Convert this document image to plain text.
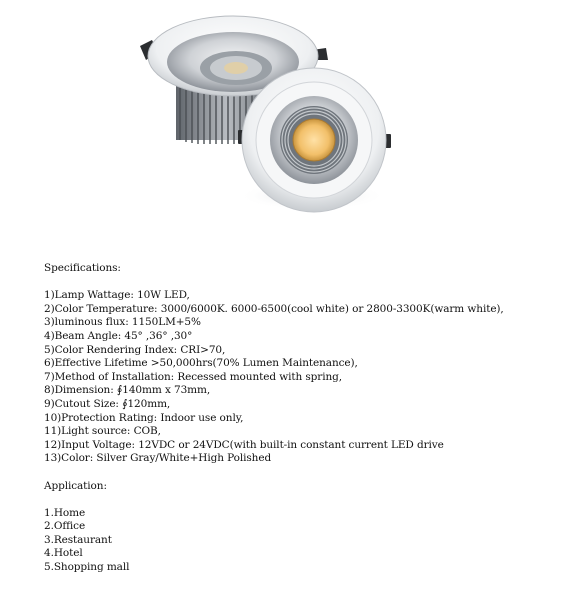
Specifications:
1)Lamp Wattage: 10W LED,
2)Color Temperature: 3000/6000K. 6000-6500(cool white) or 2800-3300K(warm white),
3)luminous flux: 1150LM+5%
4)Beam Angle: 45° ,36° ,30°
5)Color Rendering Index: CRI>70,
6)Effective Lifetime >50,000hrs(70% Lumen Maintenance),
7)Method of Installation: Recessed mounted with spring,
8)Dimension: ∮140mm x 73mm,
9)Cutout Size: ∮120mm,
10)Protection Rating: Indoor use only,
11)Light source: COB,
12)Input Voltage: 12VDC or 24VDC(with built-in constant current LED drive
13)Color: Silver Gray/White+High Polished
Application:
1.Home
2.Office
3.Restaurant
4.Hotel
5.Shopping mall
